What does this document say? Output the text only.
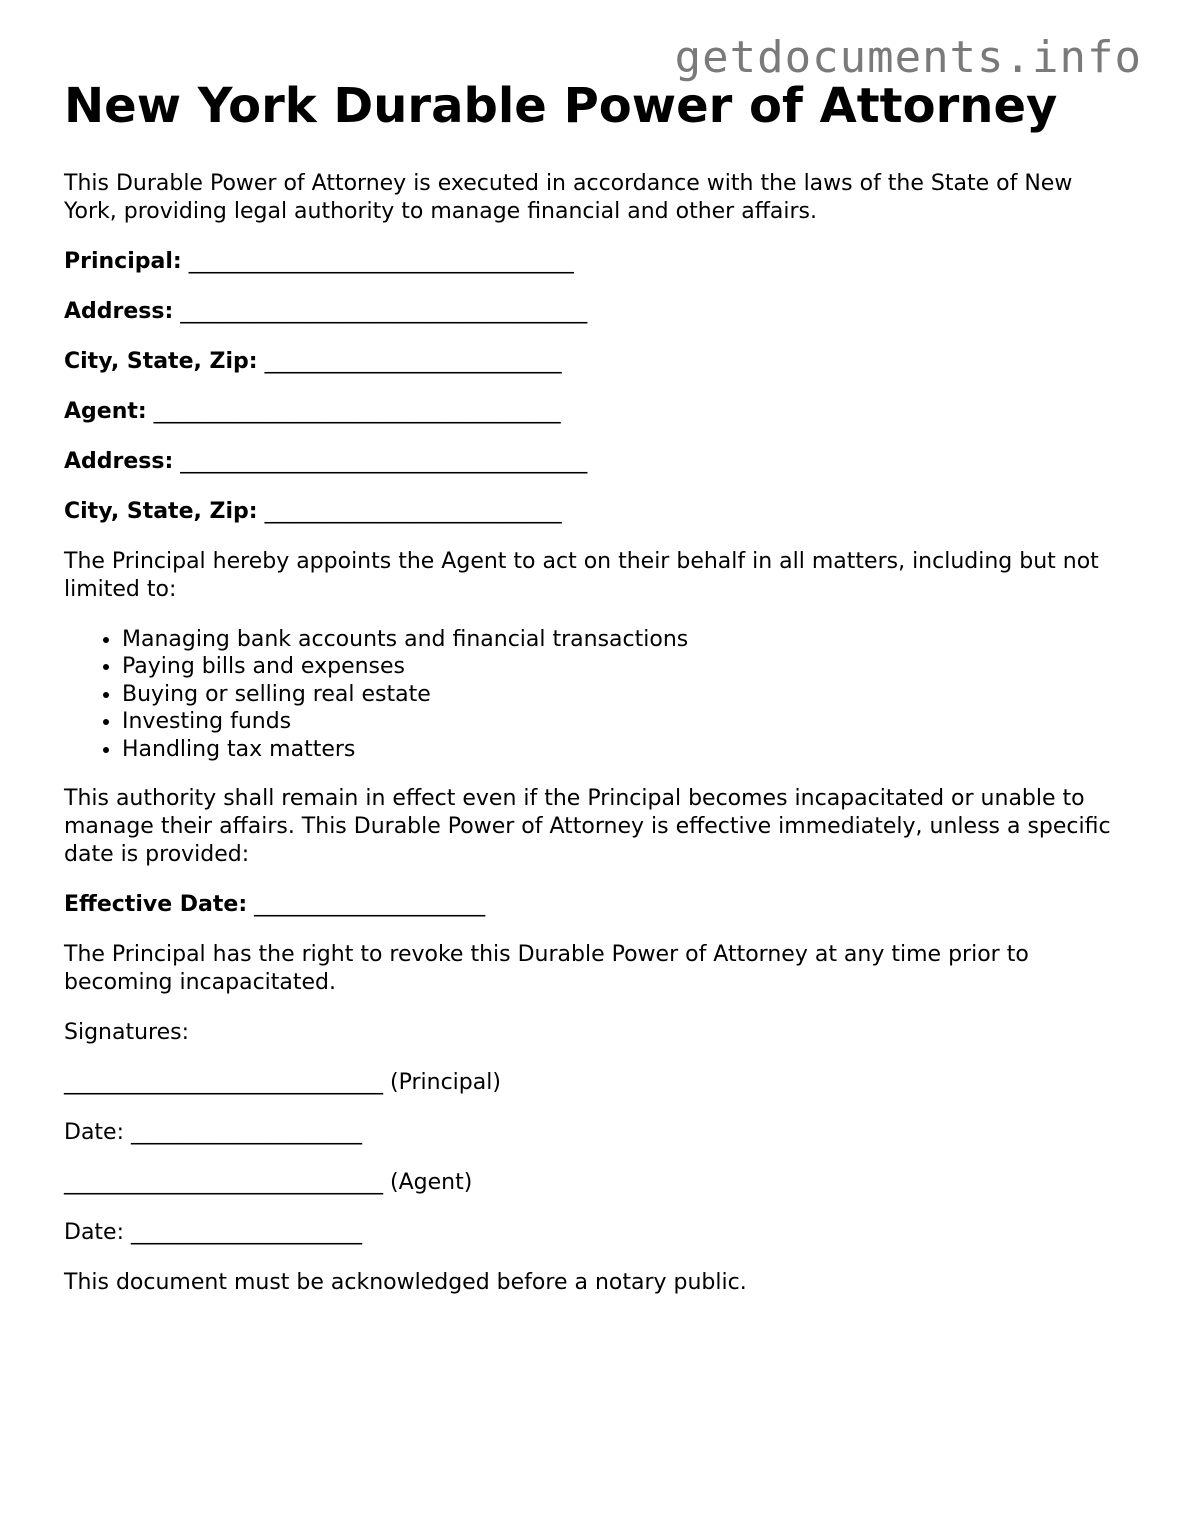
getdocuments.info
New York Durable Power of Attorney

This Durable Power of Attorney is executed in accordance with the laws of the State of New York, providing legal authority to manage financial and other affairs.

Principal: ___________________________________
Address: _____________________________________
City, State, Zip: ___________________________
Agent: _____________________________________
Address: _____________________________________
City, State, Zip: ___________________________

The Principal hereby appoints the Agent to act on their behalf in all matters, including but not limited to:

• Managing bank accounts and financial transactions
• Paying bills and expenses
• Buying or selling real estate
• Investing funds
• Handling tax matters

This authority shall remain in effect even if the Principal becomes incapacitated or unable to manage their affairs. This Durable Power of Attorney is effective immediately, unless a specific date is provided:

Effective Date: _____________________

The Principal has the right to revoke this Durable Power of Attorney at any time prior to becoming incapacitated.

Signatures:
_____________________________ (Principal)
Date: _____________________
_____________________________ (Agent)
Date: _____________________

This document must be acknowledged before a notary public.
